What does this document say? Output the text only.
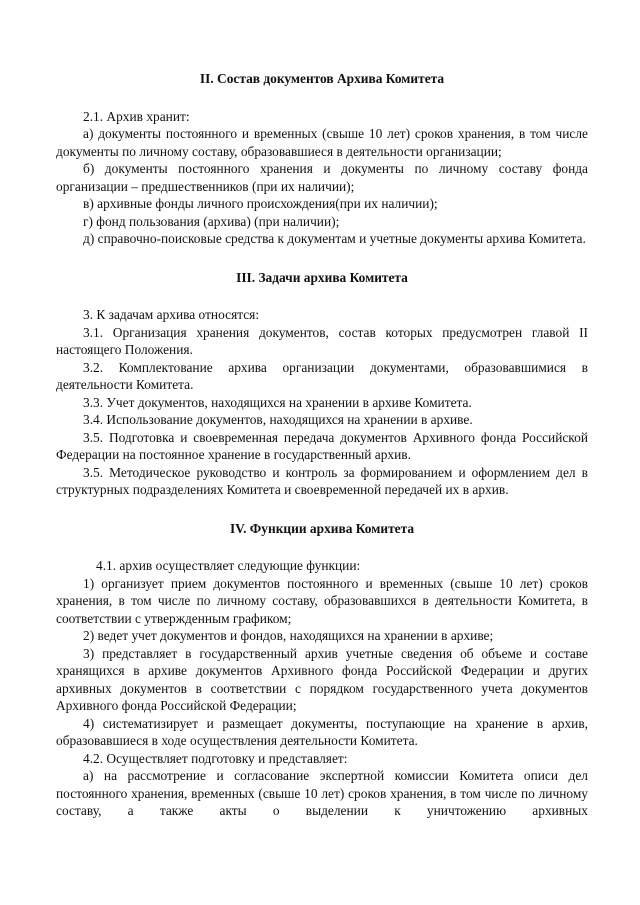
II. Состав документов Архива Комитета

2.1. Архив хранит:

а) документы постоянного и временных (свыше 10 лет) сроков хранения, в том числе документы по личному составу, образовавшиеся в деятельности организации;

б) документы постоянного хранения и документы по личному составу фонда организации – предшественников (при их наличии);

в) архивные фонды личного происхождения(при их наличии);

г) фонд пользования (архива) (при наличии);

д) справочно-поисковые средства к документам и учетные документы архива Комитета.

III. Задачи архива Комитета

3. К задачам архива относятся:

3.1. Организация хранения документов, состав которых предусмотрен главой II настоящего Положения.

3.2. Комплектование архива организации документами, образовавшимися в деятельности Комитета.

3.3. Учет документов, находящихся на хранении в архиве Комитета.

3.4. Использование документов, находящихся на хранении в архиве.

3.5. Подготовка и своевременная передача документов Архивного фонда Российской Федерации на постоянное хранение в государственный архив.

3.5. Методическое руководство и контроль за формированием и оформлением дел в структурных подразделениях Комитета и своевременной передачей их в архив.

IV. Функции архива Комитета

4.1. архив осуществляет следующие функции:

1) организует прием документов постоянного и временных (свыше 10 лет) сроков хранения, в том числе по личному составу, образовавшихся в деятельности Комитета, в соответствии с утвержденным графиком;

2) ведет учет документов и фондов, находящихся на хранении в архиве;

3) представляет в государственный архив учетные сведения об объеме и составе хранящихся в архиве документов Архивного фонда Российской Федерации и других архивных документов в соответствии с порядком государственного учета документов Архивного фонда Российской Федерации;

4) систематизирует и размещает документы, поступающие на хранение в архив, образовавшиеся в ходе осуществления деятельности Комитета.

4.2. Осуществляет подготовку и представляет:

а) на рассмотрение и согласование экспертной комиссии Комитета описи дел постоянного хранения, временных (свыше 10 лет) сроков хранения, в том числе по личному составу, а также акты о выделении к уничтожению архивных
